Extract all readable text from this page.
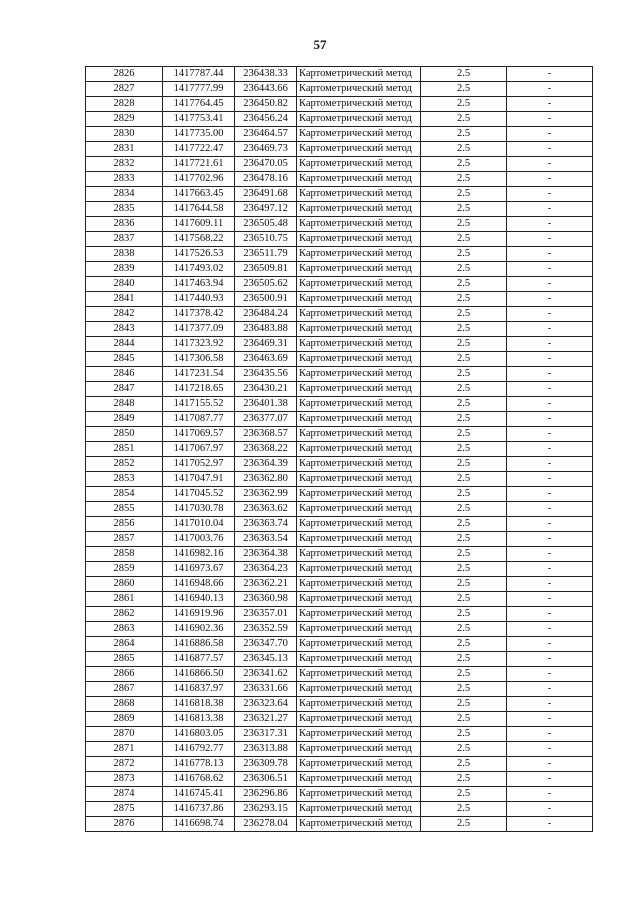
57
2826	1417787.44	236438.33	Картометрический метод	2.5	-
2827	1417777.99	236443.66	Картометрический метод	2.5	-
2828	1417764.45	236450.82	Картометрический метод	2.5	-
2829	1417753.41	236456.24	Картометрический метод	2.5	-
2830	1417735.00	236464.57	Картометрический метод	2.5	-
2831	1417722.47	236469.73	Картометрический метод	2.5	-
2832	1417721.61	236470.05	Картометрический метод	2.5	-
2833	1417702.96	236478.16	Картометрический метод	2.5	-
2834	1417663.45	236491.68	Картометрический метод	2.5	-
2835	1417644.58	236497.12	Картометрический метод	2.5	-
2836	1417609.11	236505.48	Картометрический метод	2.5	-
2837	1417568.22	236510.75	Картометрический метод	2.5	-
2838	1417526.53	236511.79	Картометрический метод	2.5	-
2839	1417493.02	236509.81	Картометрический метод	2.5	-
2840	1417463.94	236505.62	Картометрический метод	2.5	-
2841	1417440.93	236500.91	Картометрический метод	2.5	-
2842	1417378.42	236484.24	Картометрический метод	2.5	-
2843	1417377.09	236483.88	Картометрический метод	2.5	-
2844	1417323.92	236469.31	Картометрический метод	2.5	-
2845	1417306.58	236463.69	Картометрический метод	2.5	-
2846	1417231.54	236435.56	Картометрический метод	2.5	-
2847	1417218.65	236430.21	Картометрический метод	2.5	-
2848	1417155.52	236401.38	Картометрический метод	2.5	-
2849	1417087.77	236377.07	Картометрический метод	2.5	-
2850	1417069.57	236368.57	Картометрический метод	2.5	-
2851	1417067.97	236368.22	Картометрический метод	2.5	-
2852	1417052.97	236364.39	Картометрический метод	2.5	-
2853	1417047.91	236362.80	Картометрический метод	2.5	-
2854	1417045.52	236362.99	Картометрический метод	2.5	-
2855	1417030.78	236363.62	Картометрический метод	2.5	-
2856	1417010.04	236363.74	Картометрический метод	2.5	-
2857	1417003.76	236363.54	Картометрический метод	2.5	-
2858	1416982.16	236364.38	Картометрический метод	2.5	-
2859	1416973.67	236364.23	Картометрический метод	2.5	-
2860	1416948.66	236362.21	Картометрический метод	2.5	-
2861	1416940.13	236360.98	Картометрический метод	2.5	-
2862	1416919.96	236357.01	Картометрический метод	2.5	-
2863	1416902.36	236352.59	Картометрический метод	2.5	-
2864	1416886.58	236347.70	Картометрический метод	2.5	-
2865	1416877.57	236345.13	Картометрический метод	2.5	-
2866	1416866.50	236341.62	Картометрический метод	2.5	-
2867	1416837.97	236331.66	Картометрический метод	2.5	-
2868	1416818.38	236323.64	Картометрический метод	2.5	-
2869	1416813.38	236321.27	Картометрический метод	2.5	-
2870	1416803.05	236317.31	Картометрический метод	2.5	-
2871	1416792.77	236313.88	Картометрический метод	2.5	-
2872	1416778.13	236309.78	Картометрический метод	2.5	-
2873	1416768.62	236306.51	Картометрический метод	2.5	-
2874	1416745.41	236296.86	Картометрический метод	2.5	-
2875	1416737.86	236293.15	Картометрический метод	2.5	-
2876	1416698.74	236278.04	Картометрический метод	2.5	-
